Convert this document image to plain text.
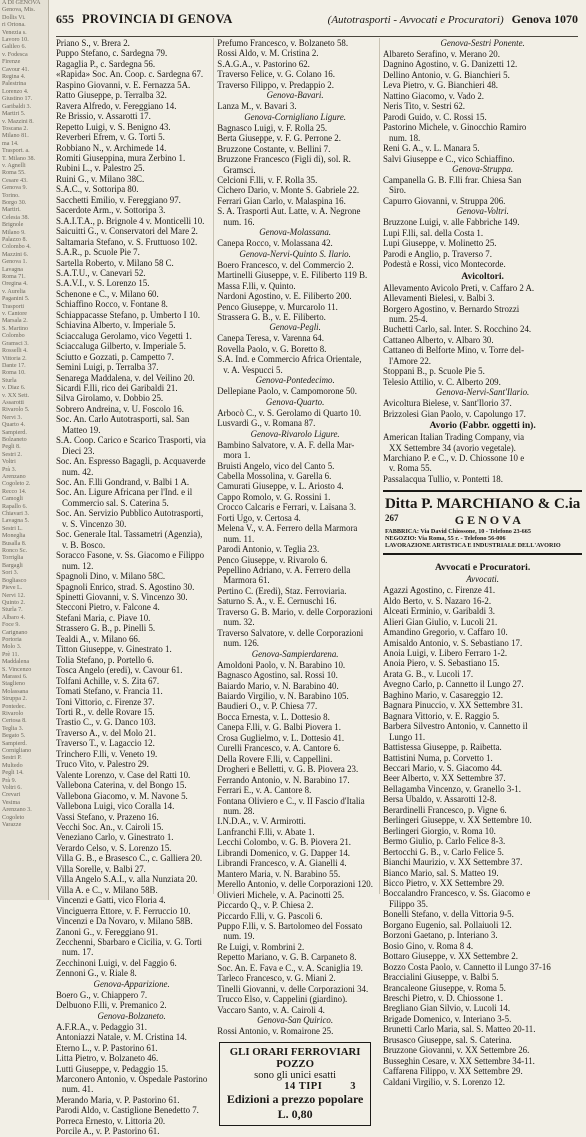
A DI GENOVA
Genova, Mis.
Dollis Vi.
ri Ortona.
Venezia s.
Lavoro 10.
Galileo 6.
v. Fodesca
Firenze
Cavour 41.
Regina 4.
Palestrina
Lorenzo 4.
Giustino 17.
Garibaldi 3.
Martiri 5.
v. Mazzini 8.
Toscana 2.
Milano 81.
ma 14.
Trasport. a.
T. Milano 38.
v. Agnelli
Roma 55.
Cesare 43.
Genova 9.
Torino.
Borgo 30.
Martiri.
Celesia 38.
Brignole
Milano 9.
Palazzo 8.
Colombo 4.
Mazzini 6.
Genova 1.
Lavagna
Roma 71.
Oregina 4.
v. Aurelia
Paganini 5.
Trasporti
v. Cantore
Marsala 2.
S. Martino
Colombo
Gramsci 3.
Rosselli 4.
Vittoria 2.
Dante 17.
Roma 10.
Sturla
v. Diaz 6.
v. XX Sett.
Assarotti
Rivarolo 5.
Nervi 3.
Quarto 4.
Sampierd.
Bolzaneto
Pegli 8.
Sestri 2.
Voltri
Prà 3.
Arenzano
Cogoleto 2.
Recco 14.
Camogli
Rapallo 6.
Chiavari 3.
Lavagna 5.
Sestri L.
Moneglia
Busalla 8.
Ronco Sc.
Torriglia
Bargagli
Sori 3.
Bogliasco
Pieve L.
Nervi 12.
Quinto 2.
Sturla 7.
Albaro 4.
Foce 9.
Carignano
Portoria
Molo 3.
Prè 11.
Maddalena
S. Vincenzo
Marassi 6.
Staglieno
Molassana
Struppa 2.
Pontedec.
Rivarolo
Certosa 8.
Teglia 3.
Begato 5.
Sampierd.
Cornigliano
Sestri P.
Multedo
Pegli 14.
Prà 9.
Voltri 6.
Crevari
Vesima
Arenzano 3.
Cogoleto
Varazze
655 PROVINCIA DI GENOVA	(Autotrasporti - Avvocati e Procuratori) Genova 1070
Priano S., v. Brera 2.
Puppo Stefano, c. Sardegna 79.
Ragaglia P., c. Sardegna 56.
«Rapida» Soc. An. Coop. c. Sardegna 67.
Raspino Giovanni, v. E. Fernazza 5A.
Ratto Giuseppe, p. Terralba 32.
Ravera Alfredo, v. Fereggiano 14.
Re Brissio, v. Assarotti 17.
Repetto Luigi, v. S. Benigno 43.
Reverberi Efrem, v. G. Torti 5.
Robbiano N., v. Archimede 14.
Romiti Giuseppina, mura Zerbino 1.
Rubini L., v. Palestro 25.
Ruini G., v. Milano 38C.
S.A.C., v. Sottoripa 80.
Sacchetti Emilio, v. Fereggiano 97.
Sacerdote Arm., v. Sottoripa 3.
S.A.I.T.A., p. Brignole 4 v. Monticelli 10.
Saicuitti G., v. Conservatori del Mare 2.
Saltamaria Stefano, v. S. Fruttuoso 102.
S.A.R., p. Scuole Pie 7.
Sartella Roberto, v. Milano 58 C.
S.A.T.U., v. Canevari 52.
S.A.V.I., v. S. Lorenzo 15.
Schenone e C., v. Milano 60.
Schiaffino Rocco, v. Fontane 8.
Schiappacasse Stefano, p. Umberto I 10.
Schiavina Alberto, v. Imperiale 5.
Sciaccaluga Gerolamo, vico Vegetti 1.
Sciaccaluga Gilberto, v. Imperiale 5.
Sciutto e Gozzati, p. Campetto 7.
Semini Luigi, p. Terralba 37.
Senarega Maddalena, v. del Veilino 20.
Sicardi F.lli, rico dei Garibaldi 21.
Silva Girolamo, v. Dobbio 25.
Sobrero Andreina, v. U. Foscolo 16.
Soc. An. Carlo Autotrasporti, sal. San
Matteo 19.
S.A. Coop. Carico e Scarico Trasporti, via
Dieci 23.
Soc. An. Espresso Bagagli, p. Acquaverde
num. 42.
Soc. An. F.lli Gondrand, v. Balbi 1 A.
Soc. An. Ligure Africana per l'Ind. e il
Commercio sal. S. Caterina 5.
Soc. An. Servizio Pubblico Autotrasporti,
v. S. Vincenzo 30.
Soc. Generale Ital. Tassametri (Agenzia),
v. B. Bosco.
Soracco Fasone, v. Ss. Giacomo e Filippo
num. 12.
Spagnoli Dino, v. Milano 58C.
Spagnoli Enrico, strad. S. Agostino 30.
Spinetti Giovanni, v. S. Vincenzo 30.
Stecconi Pietro, v. Falcone 4.
Stefani Maria, c. Piave 10.
Strassero G. B., p. Pinelli 5.
Tealdi A., v. Milano 66.
Titton Giuseppe, v. Ginestrato 1.
Tolia Stefano, p. Portello 6.
Tosca Angelo (eredi), v. Cavour 61.
Tolfani Achille, v. S. Zita 67.
Tomati Stefano, v. Francia 11.
Toni Vittorio, c. Firenze 37.
Torti R., v. delle Rovare 15.
Trastio C., v. G. Danco 103.
Traverso A., v. del Molo 21.
Traverso T., v. Lagaccio 12.
Trinchero F.lli, v. Veneto 19.
Truco Vito, v. Palestro 29.
Valente Lorenzo, v. Case del Ratti 10.
Vallebona Caterina, v. del Bongo 15.
Vallebona Giacomo, v. M. Navone 5.
Vallebona Luigi, vico Coralla 14.
Vassi Stefano, v. Prazeno 16.
Vecchi Soc. An., v. Cairoli 15.
Veneziano Carlo, v. Ginestrato 1.
Verardo Celso, v. S. Lorenzo 15.
Villa G. B., e Brasesco C., c. Galliera 20.
Villa Sorelle, v. Balbi 27.
Villa Angelo S.A.I., v. alla Nunziata 20.
Villa A. e C., v. Milano 58B.
Vincenzi e Gatti, vico Floria 4.
Vinciguerra Ettore, v. F. Ferruccio 10.
Vincenzi e Da Novaro, v. Milano 58B.
Zanoni G., v. Fereggiano 91.
Zecchenni, Sbarbaro e Cicilia, v. G. Torti
num. 17.
Zecchinoni Luigi, v. del Faggio 6.
Zennoni G., v. Riale 8.
Genova-Apparizione.
Boero G., v. Chiappero 7.
Delbuono F.lli, v. Premanico 2.
Genova-Bolzaneto.
A.F.R.A., v. Pedaggio 31.
Antoniazzi Natale, v. M. Cristina 14.
Eterno L., v. P. Pastorino 61.
Litta Pietro, v. Bolzaneto 46.
Lutti Giuseppe, v. Pedaggio 15.
Marconero Antonio, v. Ospedale Pastorino
num. 41.
Merando Maria, v. P. Pastorino 61.
Parodi Aldo, v. Castiglione Benedetto 7.
Porreca Ernesto, v. Littoria 20.
Porcile A., v. P. Pastorino 61.
Prefumo Francesco, v. Bolzaneto 58.
Rossi Aldo, v. M. Cristina 2.
S.A.G.A., v. Pastorino 62.
Traverso Felice, v. G. Colano 16.
Traverso Filippo, v. Predappio 2.
Genova-Bavari.
Lanza M., v. Bavari 3.
Genova-Cornigliano Ligure.
Bagnasco Luigi, v. F. Rolla 25.
Berta Giuseppe, v. F. G. Perrone 2.
Bruzzone Costante, v. Bellini 7.
Bruzzone Francesco (Figli di), sol. R.
Gramsci.
Celcioni F.lli, v. F. Rolla 35.
Cichero Dario, v. Monte S. Gabriele 22.
Ferrari Gian Carlo, v. Malaspina 16.
S. A. Trasporti Aut. Latte, v. A. Negrone
num. 16.
Genova-Molassana.
Canepa Rocco, v. Molassana 42.
Genova-Nervi-Quinto S. Ilario.
Boero Francesco, v. del Commercio 2.
Martinelli Giuseppe, v. E. Filiberto 119 B.
Massa F.lli, v. Quinto.
Nardoni Agostino, v. E. Filiberto 200.
Penco Giuseppe, v. Murcarolo 11.
Strassera G. B., v. E. Filiberto.
Genova-Pegli.
Canepa Teresa, v. Varenna 64.
Rovella Paolo, v. G. Boretto 8.
S.A. Ind. e Commercio Africa Orientale,
v. A. Vespucci 5.
Genova-Pontedecimo.
Dellepiane Paolo, v. Campomorone 50.
Genova-Quarto.
Arbocò C., v. S. Gerolamo di Quarto 10.
Lusvardi G., v. Romana 87.
Genova-Rivarolo Ligure.
Bambino Salvatore, v. A. F. della Mar-
mora 1.
Bruisti Angelo, vico del Canto 5.
Cabella Mossolina, v. Garella 6.
Camurati Giuseppe, v. L. Ariosto 4.
Cappo Romolo, v. G. Rossini 1.
Crocco Calcaris e Ferrari, v. Laïsana 3.
Forti Ugo, v. Certosa 4.
Melena V., v. A. Ferrero della Marmora
num. 11.
Parodi Antonio, v. Teglia 23.
Penco Giuseppe, v. Rivarolo 6.
Pepellino Adriano, v. A. Ferrero della
Marmora 61.
Pertino C. (Eredi), Staz. Ferroviaria.
Saturno S. A., v. E. Cernuschi 16.
Traverso G. B. Mario, v. delle Corporazioni
num. 32.
Traverso Salvatore, v. delle Corporazioni
num. 126.
Genova-Sampierdarena.
Amoldoni Paolo, v. N. Barabino 10.
Bagnasco Agostino, sal. Rossi 10.
Baiardo Mario, v. N. Barabino 40.
Baiardo Virgilio, v. N. Barabino 105.
Baudieri O., v. P. Chiesa 77.
Bocca Ernesta, v. L. Dottesio 8.
Canepa F.lli, v. G. Balbi Piovera 1.
Crosa Guglielmo, v. L. Dottesio 41.
Curelli Francesco, v. A. Cantore 6.
Della Rovere F.lli, v. Cappellini.
Drogheri e Belletti, v. G. B. Piovera 23.
Ferrando Antonio, v. N. Barabino 17.
Ferrari E., v. A. Cantore 8.
Fontana Oliviero e C., v. II Fascio d'Italia
num. 28.
I.N.D.A., v. V. Armirotti.
Lanfranchi F.lli, v. Abate 1.
Lecchi Colombo, v. G. B. Piovera 21.
Librandi Domenico, v. G. Dapper 14.
Librandi Francesco, v. A. Gianelli 4.
Mantero Maria, v. N. Barabino 55.
Merello Antonio, v. delle Corporazioni 120.
Olivieri Michele, v. A. Pacinotti 25.
Piccardo Q., v. P. Chiesa 2.
Piccardo F.lli, v. G. Pascoli 6.
Puppo F.lli, v. S. Bartolomeo del Fossato
num. 19.
Re Luigi, v. Rombrini 2.
Repetto Mariano, v. G. B. Carpaneto 8.
Soc. An. E. Fava e C., v. A. Scaniglia 19.
Tarleco Francesco, v. G. Miani 2.
Tinelli Giovanni, v. delle Corporazioni 34.
Trucco Elso, v. Cappelini (giardino).
Vaccaro Santo, v. A. Cairoli 4.
Genova-San Quirico.
Rossi Antonio, v. Romairone 25.
GLI ORARI FERROVIARI POZZO
sono gli unici esatti
14 TIPI	3
Edizioni a prezzo popolare L. 0,80
Genova-Sestri Ponente.
Albareto Serafino, v. Merano 20.
Dagnino Agostino, v. G. Danizetti 12.
Dellino Antonio, v. G. Bianchieri 5.
Leva Pietro, v. G. Bianchieri 48.
Nattino Giacomo, v. Vado 2.
Neris Tito, v. Sestri 62.
Parodi Guido, v. C. Rossi 15.
Pastorino Michele, v. Ginocchio Ramiro
num. 18.
Reni G. A., v. L. Manara 5.
Salvi Giuseppe e C., vico Schiaffino.
Genova-Struppa.
Campanella G. B. F.lli frar. Chiesa San
Siro.
Capurro Giovanni, v. Struppa 206.
Genova-Voltri.
Bruzzone Luigi, v. alle Fabbriche 149.
Lupi F.lli, sal. della Costa 1.
Lupi Giuseppe, v. Molinetto 25.
Parodi e Anglio, p. Traverso 7.
Podestà e Rossi, vico Montecorde.
Avicoltori.
Allevamento Avicolo Preti, v. Caffaro 2 A.
Allevamenti Bielesi, v. Balbi 3.
Borgero Agostino, v. Bernardo Strozzi
num. 25-4.
Buchetti Carlo, sal. Inter. S. Rocchino 24.
Cattaneo Alberto, v. Albaro 30.
Cattaneo di Belforte Mino, v. Torre del-
l'Amore 22.
Stoppani B., p. Scuole Pie 5.
Telesio Attilio, v. C. Alberto 209.
Genova-Nervi-Sant'Ilario.
Avicoltura Bielese, v. Sant'Ilorio 37.
Brizzolesi Gian Paolo, v. Capolungo 17.
Avorio (Fabbr. oggetti in).
American Italian Trading Company, via
XX Settembre 34 (avorio vegetale).
Marchiano P. e C., v. D. Chiossone 10 e
v. Roma 55.
Passalacqua Tullio, v. Pontetti 18.
Ditta P. MARCHIANO & C.ia
267	GENOVA
FABBRICA: Via David Chiossone, 10 - Telefono 23-665
NEGOZIO: Via Roma, 55 r. - Telefono 56-006
LAVORAZIONE ARTISTICA E INDUSTRIALE DELL'AVORIO
Avvocati e Procuratori.
Avvocati.
Agazzi Agostino, c. Firenze 41.
Aldo Berto, v. S. Nazaro 16-2.
Alceati Erminio, v. Garibaldi 3.
Alieri Gian Giulio, v. Lucoli 21.
Amandino Gregorio, v. Caffaro 10.
Amisaldo Antonio, v. S. Sebastiano 17.
Anoia Luigi, v. Libero Ferraro 1-2.
Anoia Piero, v. S. Sebastiano 15.
Arata G. B., v. Lucoli 17.
Avegno Carlo, p. Cannetto il Lungo 27.
Baghino Mario, v. Casareggio 12.
Bagnara Pinuccio, v. XX Settembre 31.
Bagnara Vittorio, v. E. Raggio 5.
Barbera Silvestro Antonio, v. Cannetto il
Lungo 11.
Battistessa Giuseppe, p. Raibetta.
Battistini Numa, p. Corvetto 1.
Beccari Mario, v. S. Giacomo 44.
Beer Alberto, v. XX Settembre 37.
Bellagamba Vincenzo, v. Granello 3-1.
Bersa Ubaldo, v. Assarotti 12-8.
Berardinelli Francesco, p. Vigne 6.
Berlingeri Giuseppe, v. XX Settembre 10.
Berlingeri Giorgio, v. Roma 10.
Bermo Giulio, p. Carlo Felice 8-3.
Bertocchi G. B., v. Carlo Felice 5.
Bianchi Maurizio, v. XX Settembre 37.
Bianco Mario, sal. S. Matteo 19.
Bicco Pietro, v. XX Settembre 29.
Boccalandro Francesco, v. Ss. Giacomo e
Filippo 35.
Bonelli Stefano, v. della Vittoria 9-5.
Borgano Eugenio, sal. Pollaiuoli 12.
Borzoni Gaetano, p. Interiano 3.
Bosio Gino, v. Roma 8 4.
Bottaro Giuseppe, v. XX Settembre 2.
Bozzo Costa Paolo, v. Cannetto il Lungo 37-16
Braccialini Giuseppe, v. Balbi 5.
Brancaleone Giuseppe, v. Roma 5.
Breschi Pietro, v. D. Chiossone 1.
Bregliano Gian Silvio, v. Lucoli 14.
Brigade Domenico, v. Interiano 3-5.
Brunetti Carlo Maria, sal. S. Matteo 20-11.
Brusasco Giuseppe, sal. S. Caterina.
Bruzzone Giovanni, v. XX Settembre 26.
Busseghin Cesare, v. XX Settembre 34-11.
Caffarena Filippo, v. XX Settembre 29.
Caldani Virgilio, v. S. Lorenzo 12.
